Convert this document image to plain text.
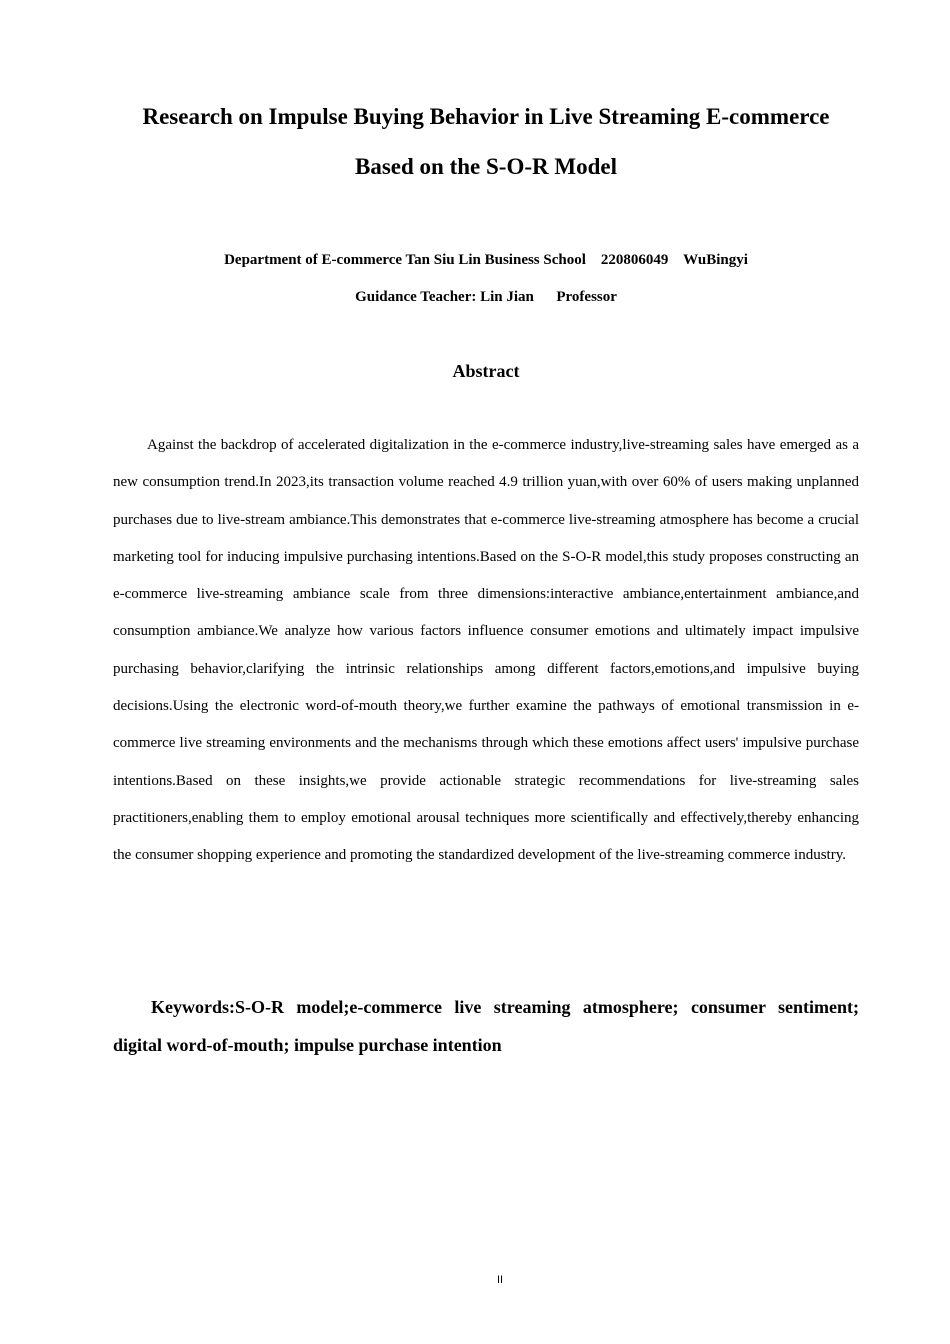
Research on Impulse Buying Behavior in Live Streaming E-commerce
Based on the S-O-R Model
Department of E-commerce Tan Siu Lin Business School    220806049    WuBingyi
Guidance Teacher: Lin Jian      Professor
Abstract

Against the backdrop of accelerated digitalization in the e-commerce industry,live-streaming sales have emerged as a new consumption trend.In 2023,its transaction volume reached 4.9 trillion yuan,with over 60% of users making unplanned purchases due to live-stream ambiance.This demonstrates that e-commerce live-streaming atmosphere has become a crucial marketing tool for inducing impulsive purchasing intentions.Based on the S-O-R model,this study proposes constructing an e-commerce live-streaming ambiance scale from three dimensions:interactive ambiance,entertainment ambiance,and consumption ambiance.We analyze how various factors influence consumer emotions and ultimately impact impulsive purchasing behavior,clarifying the intrinsic relationships among different factors,emotions,and impulsive buying decisions.Using the electronic word-of-mouth theory,we further examine the pathways of emotional transmission in e-commerce live streaming environments and the mechanisms through which these emotions affect users' impulsive purchase intentions.Based on these insights,we provide actionable strategic recommendations for live-streaming sales practitioners,enabling them to employ emotional arousal techniques more scientifically and effectively,thereby enhancing the consumer shopping experience and promoting the standardized development of the live-streaming commerce industry.

Keywords:S-O-R model;e-commerce live streaming atmosphere; consumer sentiment; digital word-of-mouth; impulse purchase intention

II
